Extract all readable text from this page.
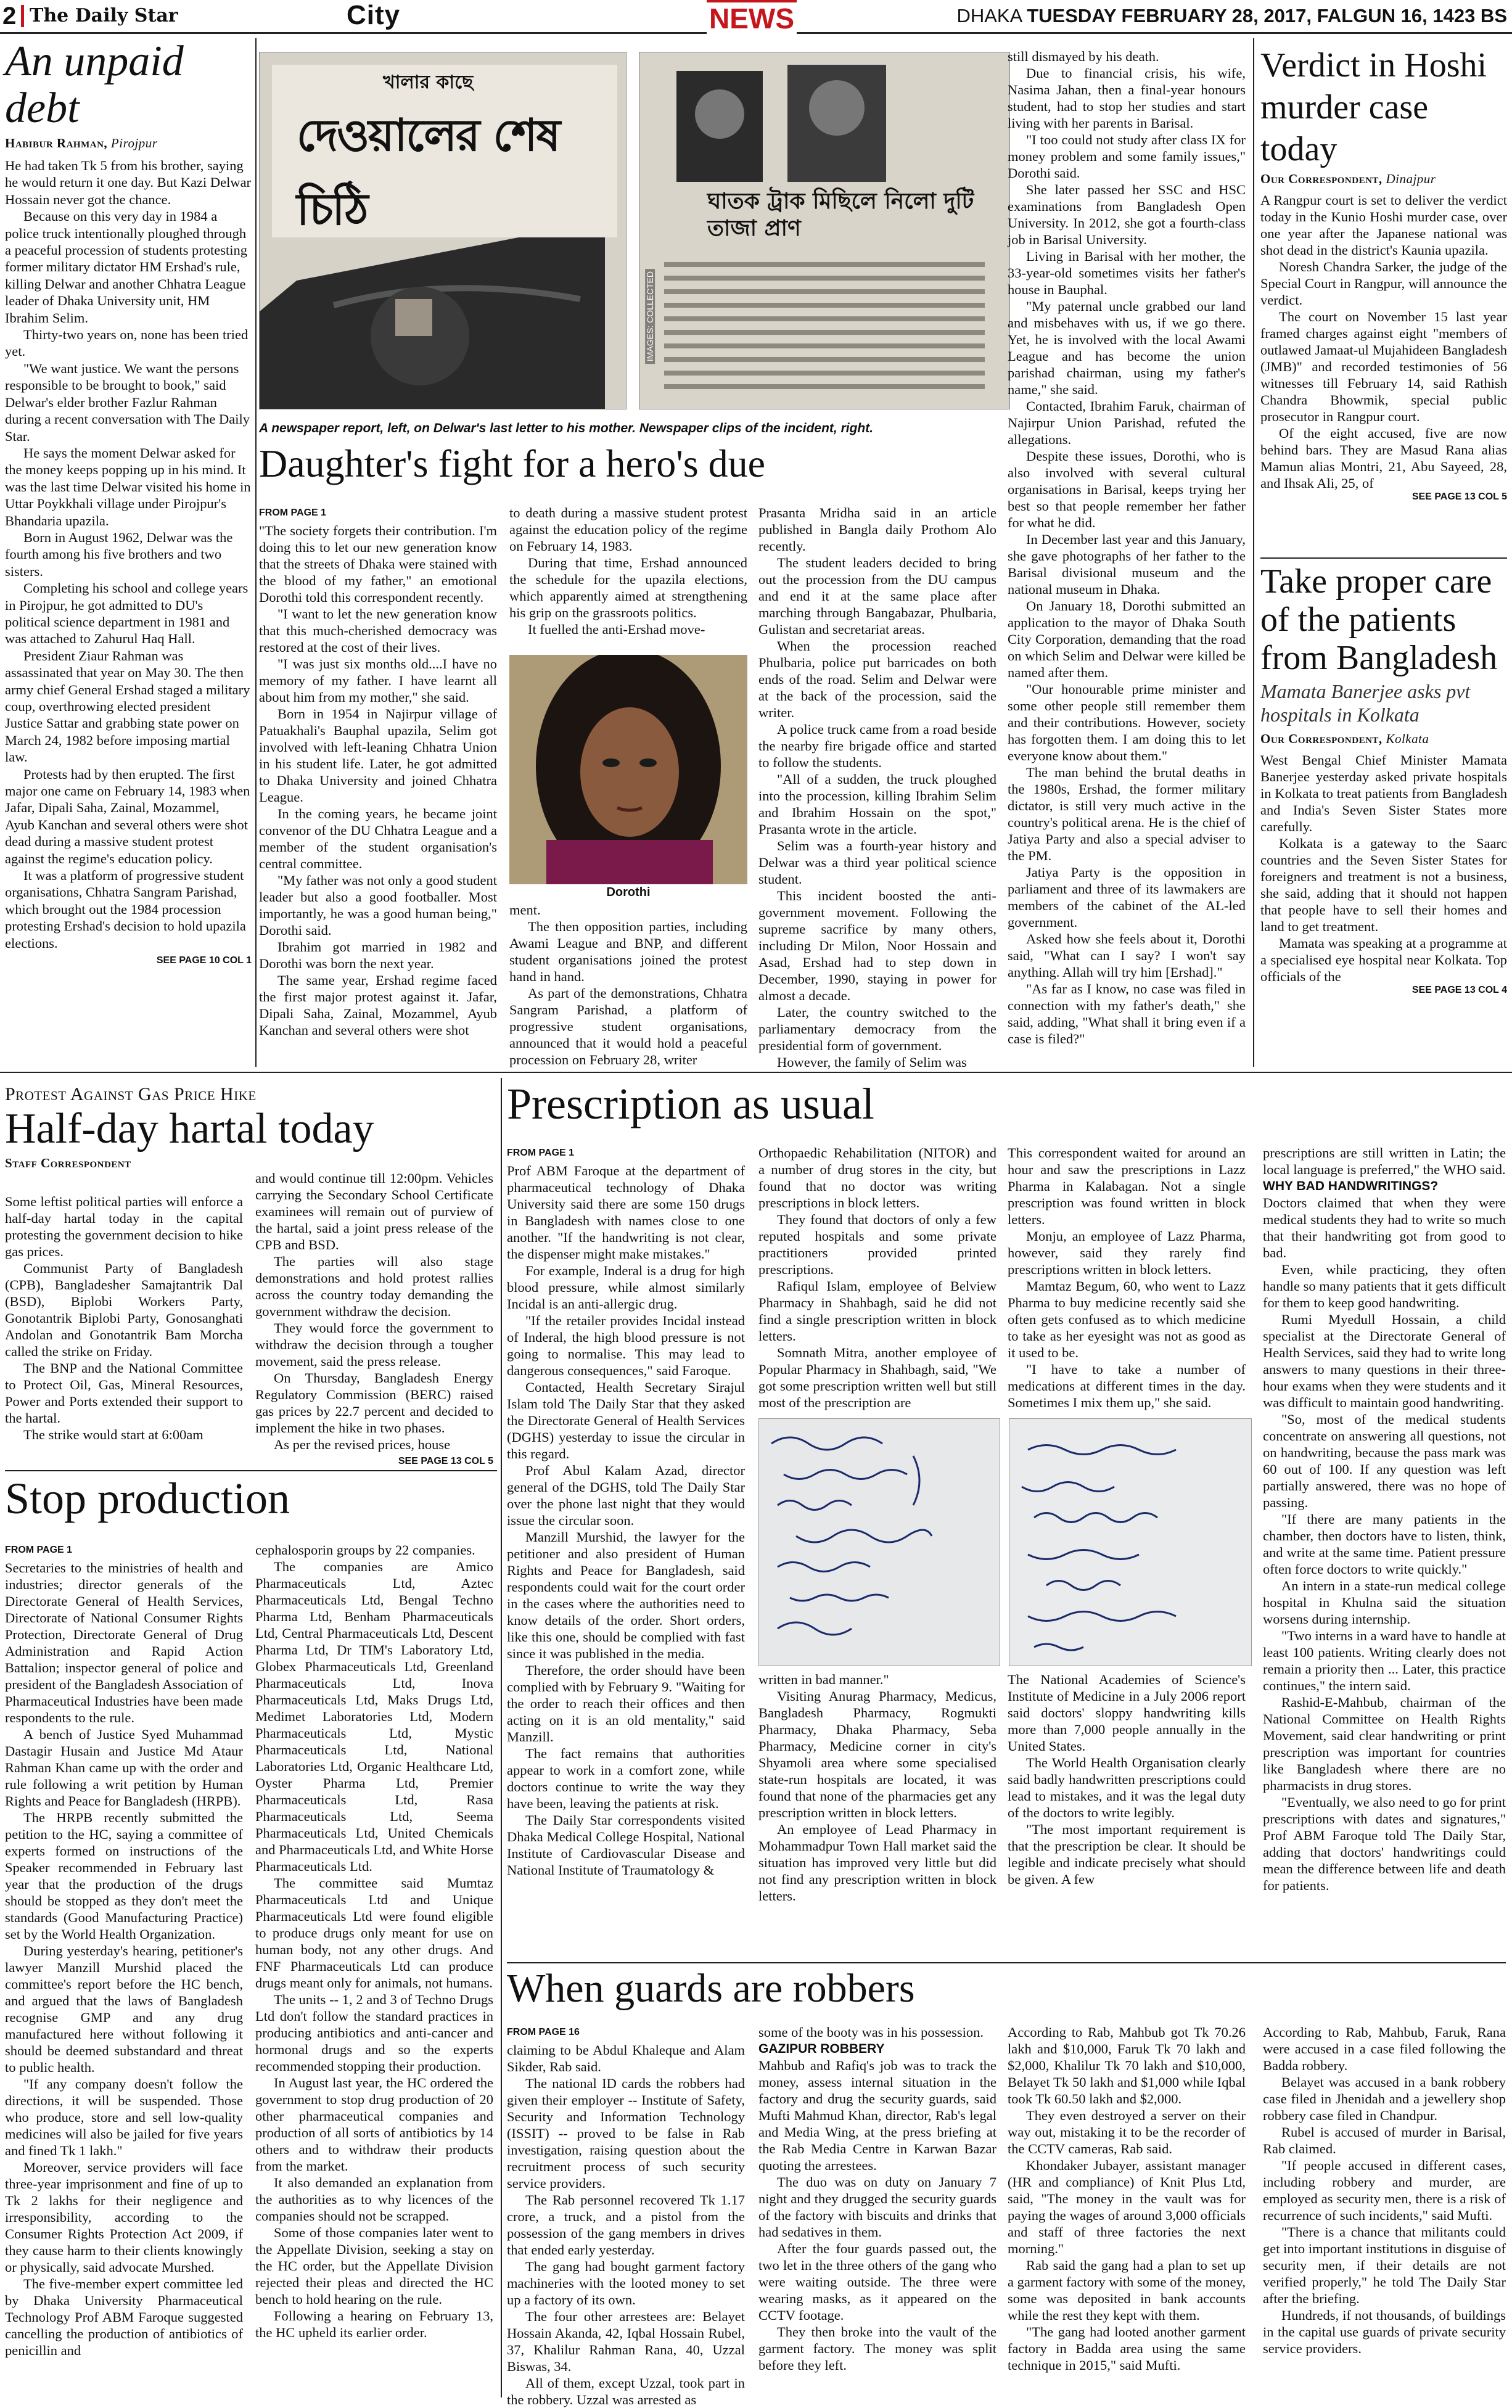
2 The Daily Star	City	NEWS	DHAKA TUESDAY FEBRUARY 28, 2017, FALGUN 16, 1423 BS
An unpaid debt
Habibur Rahman, Pirojpur

He had taken Tk 5 from his brother, saying he would return it one day. But Kazi Delwar Hossain never got the chance.

Because on this very day in 1984 a police truck intentionally ploughed through a peaceful procession of students protesting former military dictator HM Ershad's rule, killing Delwar and another Chhatra League leader of Dhaka University unit, HM Ibrahim Selim.

Thirty-two years on, none has been tried yet.

"We want justice. We want the persons responsible to be brought to book," said Delwar's elder brother Fazlur Rahman during a recent conversation with The Daily Star.

He says the moment Delwar asked for the money keeps popping up in his mind. It was the last time Delwar visited his home in Uttar Poykkhali village under Pirojpur's Bhandaria upazila.

Born in August 1962, Delwar was the fourth among his five brothers and two sisters.

Completing his school and college years in Pirojpur, he got admitted to DU's political science department in 1981 and was attached to Zahurul Haq Hall.

President Ziaur Rahman was assassinated that year on May 30. The then army chief General Ershad staged a military coup, overthrowing elected president Justice Sattar and grabbing state power on March 24, 1982 before imposing martial law.

Protests had by then erupted. The first major one came on February 14, 1983 when Jafar, Dipali Saha, Zainal, Mozammel, Ayub Kanchan and several others were shot dead during a massive student protest against the regime's education policy.

It was a platform of progressive student organisations, Chhatra Sangram Parishad, which brought out the 1984 procession protesting Ershad's decision to hold upazila elections.

SEE PAGE 10 COL 1
খালার কাছে
দেওয়ালের শেষ চিঠি	ঘাতক ট্রাক মিছিলে নিলো দুটি তাজা প্রাণ
IMAGES: COLLECTED
A newspaper report, left, on Delwar's last letter to his mother. Newspaper clips of the incident, right.
Daughter's fight for a hero's due
FROM PAGE 1

"The society forgets their contribution. I'm doing this to let our new generation know that the streets of Dhaka were stained with the blood of my father," an emotional Dorothi told this correspondent recently.

"I want to let the new generation know that this much-cherished democracy was restored at the cost of their lives.

"I was just six months old....I have no memory of my father. I have learnt all about him from my mother," she said.

Born in 1954 in Najirpur village of Patuakhali's Bauphal upazila, Selim got involved with left-leaning Chhatra Union in his student life. Later, he got admitted to Dhaka University and joined Chhatra League.

In the coming years, he became joint convenor of the DU Chhatra League and a member of the student organisation's central committee.

"My father was not only a good student leader but also a good footballer. Most importantly, he was a good human being," Dorothi said.

Ibrahim got married in 1982 and Dorothi was born the next year.

The same year, Ershad regime faced the first major protest against it. Jafar, Dipali Saha, Zainal, Mozammel, Ayub Kanchan and several others were shot

to death during a massive student protest against the education policy of the regime on February 14, 1983.

During that time, Ershad announced the schedule for the upazila elections, which apparently aimed at strengthening his grip on the grassroots politics.

It fuelled the anti-Ershad move-

Dorothi

ment.

The then opposition parties, including Awami League and BNP, and different student organisations joined the protest hand in hand.

As part of the demonstrations, Chhatra Sangram Parishad, a platform of progressive student organisations, announced that it would hold a peaceful procession on February 28, writer

Prasanta Mridha said in an article published in Bangla daily Prothom Alo recently.

The student leaders decided to bring out the procession from the DU campus and end it at the same place after marching through Bangabazar, Phulbaria, Gulistan and secretariat areas.

When the procession reached Phulbaria, police put barricades on both ends of the road. Selim and Delwar were at the back of the procession, said the writer.

A police truck came from a road beside the nearby fire brigade office and started to follow the students.

"All of a sudden, the truck ploughed into the procession, killing Ibrahim Selim and Ibrahim Hossain on the spot," Prasanta wrote in the article.

Selim was a fourth-year history and Delwar was a third year political science student.

This incident boosted the anti-government movement. Following the supreme sacrifice by many others, including Dr Milon, Noor Hossain and Asad, Ershad had to step down in December, 1990, staying in power for almost a decade.

Later, the country switched to the parliamentary democracy from the presidential form of government.

However, the family of Selim was

still dismayed by his death.

Due to financial crisis, his wife, Nasima Jahan, then a final-year honours student, had to stop her studies and start living with her parents in Barisal.

"I too could not study after class IX for money problem and some family issues," Dorothi said.

She later passed her SSC and HSC examinations from Bangladesh Open University. In 2012, she got a fourth-class job in Barisal University.

Living in Barisal with her mother, the 33-year-old sometimes visits her father's house in Bauphal.

"My paternal uncle grabbed our land and misbehaves with us, if we go there. Yet, he is involved with the local Awami League and has become the union parishad chairman, using my father's name," she said.

Contacted, Ibrahim Faruk, chairman of Najirpur Union Parishad, refuted the allegations.

Despite these issues, Dorothi, who is also involved with several cultural organisations in Barisal, keeps trying her best so that people remember her father for what he did.

In December last year and this January, she gave photographs of her father to the Barisal divisional museum and the national museum in Dhaka.

On January 18, Dorothi submitted an application to the mayor of Dhaka South City Corporation, demanding that the road on which Selim and Delwar were killed be named after them.

"Our honourable prime minister and some other people still remember them and their contributions. However, society has forgotten them. I am doing this to let everyone know about them."

The man behind the brutal deaths in the 1980s, Ershad, the former military dictator, is still very much active in the country's political arena. He is the chief of Jatiya Party and also a special adviser to the PM.

Jatiya Party is the opposition in parliament and three of its lawmakers are members of the cabinet of the AL-led government.

Asked how she feels about it, Dorothi said, "What can I say? I won't say anything. Allah will try him [Ershad]."

"As far as I know, no case was filed in connection with my father's death," she said, adding, "What shall it bring even if a case is filed?"

Verdict in Hoshi murder case today
Our Correspondent, Dinajpur

A Rangpur court is set to deliver the verdict today in the Kunio Hoshi murder case, over one year after the Japanese national was shot dead in the district's Kaunia upazila.

Noresh Chandra Sarker, the judge of the Special Court in Rangpur, will announce the verdict.

The court on November 15 last year framed charges against eight "members of outlawed Jamaat-ul Mujahideen Bangladesh (JMB)" and recorded testimonies of 56 witnesses till February 14, said Rathish Chandra Bhowmik, special public prosecutor in Rangpur court.

Of the eight accused, five are now behind bars. They are Masud Rana alias Mamun alias Montri, 21, Abu Sayeed, 28, and Ihsak Ali, 25, of

SEE PAGE 13 COL 5
Take proper care of the patients from Bangladesh
Mamata Banerjee asks pvt hospitals in Kolkata
Our Correspondent, Kolkata

West Bengal Chief Minister Mamata Banerjee yesterday asked private hospitals in Kolkata to treat patients from Bangladesh and India's Seven Sister States more carefully.

Kolkata is a gateway to the Saarc countries and the Seven Sister States for foreigners and treatment is not a business, she said, adding that it should not happen that people have to sell their homes and land to get treatment.

Mamata was speaking at a programme at a specialised eye hospital near Kolkata. Top officials of the

SEE PAGE 13 COL 4
Protest Against Gas Price Hike
Half-day hartal today
Staff Correspondent

Some leftist political parties will enforce a half-day hartal today in the capital protesting the government decision to hike gas prices.

Communist Party of Bangladesh (CPB), Bangladesher Samajtantrik Dal (BSD), Biplobi Workers Party, Gonotantrik Biplobi Party, Gonosanghati Andolan and Gonotantrik Bam Morcha called the strike on Friday.

The BNP and the National Committee to Protect Oil, Gas, Mineral Resources, Power and Ports extended their support to the hartal.

The strike would start at 6:00am

and would continue till 12:00pm. Vehicles carrying the Secondary School Certificate examinees will remain out of purview of the hartal, said a joint press release of the CPB and BSD.

The parties will also stage demonstrations and hold protest rallies across the country today demanding the government withdraw the decision.

They would force the government to withdraw the decision through a tougher movement, said the press release.

On Thursday, Bangladesh Energy Regulatory Commission (BERC) raised gas prices by 22.7 percent and decided to implement the hike in two phases.

As per the revised prices, house

SEE PAGE 13 COL 5
Stop production
FROM PAGE 1

Secretaries to the ministries of health and industries; director generals of the Directorate General of Health Services, Directorate of National Consumer Rights Protection, Directorate General of Drug Administration and Rapid Action Battalion; inspector general of police and president of the Bangladesh Association of Pharmaceutical Industries have been made respondents to the rule.

A bench of Justice Syed Muhammad Dastagir Husain and Justice Md Ataur Rahman Khan came up with the order and rule following a writ petition by Human Rights and Peace for Bangladesh (HRPB).

The HRPB recently submitted the petition to the HC, saying a committee of experts formed on instructions of the Speaker recommended in February last year that the production of the drugs should be stopped as they don't meet the standards (Good Manufacturing Practice) set by the World Health Organization.

During yesterday's hearing, petitioner's lawyer Manzill Murshid placed the committee's report before the HC bench, and argued that the laws of Bangladesh recognise GMP and any drug manufactured here without following it should be deemed substandard and threat to public health.

"If any company doesn't follow the directions, it will be suspended. Those who produce, store and sell low-quality medicines will also be jailed for five years and fined Tk 1 lakh."

Moreover, service providers will face three-year imprisonment and fine of up to Tk 2 lakhs for their negligence and irresponsibility, according to the Consumer Rights Protection Act 2009, if they cause harm to their clients knowingly or physically, said advocate Murshed.

The five-member expert committee led by Dhaka University Pharmaceutical Technology Prof ABM Faroque suggested cancelling the production of antibiotics of penicillin and

cephalosporin groups by 22 companies.

The companies are Amico Pharmaceuticals Ltd, Aztec Pharmaceuticals Ltd, Bengal Techno Pharma Ltd, Benham Pharmaceuticals Ltd, Central Pharmaceuticals Ltd, Descent Pharma Ltd, Dr TIM's Laboratory Ltd, Globex Pharmaceuticals Ltd, Greenland Pharmaceuticals Ltd, Inova Pharmaceuticals Ltd, Maks Drugs Ltd, Medimet Laboratories Ltd, Modern Pharmaceuticals Ltd, Mystic Pharmaceuticals Ltd, National Laboratories Ltd, Organic Healthcare Ltd, Oyster Pharma Ltd, Premier Pharmaceuticals Ltd, Rasa Pharmaceuticals Ltd, Seema Pharmaceuticals Ltd, United Chemicals and Pharmaceuticals Ltd, and White Horse Pharmaceuticals Ltd.

The committee said Mumtaz Pharmaceuticals Ltd and Unique Pharmaceuticals Ltd were found eligible to produce drugs only meant for use on human body, not any other drugs. And FNF Pharmaceuticals Ltd can produce drugs meant only for animals, not humans.

The units -- 1, 2 and 3 of Techno Drugs Ltd don't follow the standard practices in producing antibiotics and anti-cancer and hormonal drugs and so the experts recommended stopping their production.

In August last year, the HC ordered the government to stop drug production of 20 other pharmaceutical companies and production of all sorts of antibiotics by 14 others and to withdraw their products from the market.

It also demanded an explanation from the authorities as to why licences of the companies should not be scrapped.

Some of those companies later went to the Appellate Division, seeking a stay on the HC order, but the Appellate Division rejected their pleas and directed the HC bench to hold hearing on the rule.

Following a hearing on February 13, the HC upheld its earlier order.

Prescription as usual
FROM PAGE 1

Prof ABM Faroque at the department of pharmaceutical technology of Dhaka University said there are some 150 drugs in Bangladesh with names close to one another. "If the handwriting is not clear, the dispenser might make mistakes."

For example, Inderal is a drug for high blood pressure, while almost similarly Incidal is an anti-allergic drug.

"If the retailer provides Incidal instead of Inderal, the high blood pressure is not going to normalise. This may lead to dangerous consequences," said Faroque.

Contacted, Health Secretary Sirajul Islam told The Daily Star that they asked the Directorate General of Health Services (DGHS) yesterday to issue the circular in this regard.

Prof Abul Kalam Azad, director general of the DGHS, told The Daily Star over the phone last night that they would issue the circular soon.

Manzill Murshid, the lawyer for the petitioner and also president of Human Rights and Peace for Bangladesh, said respondents could wait for the court order in the cases where the authorities need to know details of the order. Short orders, like this one, should be complied with fast since it was published in the media.

Therefore, the order should have been complied with by February 9. "Waiting for the order to reach their offices and then acting on it is an old mentality," said Manzill.

The fact remains that authorities appear to work in a comfort zone, while doctors continue to write the way they have been, leaving the patients at risk.

The Daily Star correspondents visited Dhaka Medical College Hospital, National Institute of Cardiovascular Disease and National Institute of Traumatology &

Orthopaedic Rehabilitation (NITOR) and a number of drug stores in the city, but found that no doctor was writing prescriptions in block letters.

They found that doctors of only a few reputed hospitals and some private practitioners provided printed prescriptions.

Rafiqul Islam, employee of Belview Pharmacy in Shahbagh, said he did not find a single prescription written in block letters.

Somnath Mitra, another employee of Popular Pharmacy in Shahbagh, said, "We got some prescription written well but still most of the prescription are

This correspondent waited for around an hour and saw the prescriptions in Lazz Pharma in Kalabagan. Not a single prescription was found written in block letters.

Monju, an employee of Lazz Pharma, however, said they rarely find prescriptions written in block letters.

Mamtaz Begum, 60, who went to Lazz Pharma to buy medicine recently said she often gets confused as to which medicine to take as her eyesight was not as good as it used to be.

"I have to take a number of medications at different times in the day. Sometimes I mix them up," she said.

written in bad manner."

Visiting Anurag Pharmacy, Medicus, Bangladesh Pharmacy, Rogmukti Pharmacy, Dhaka Pharmacy, Seba Pharmacy, Medicine corner in city's Shyamoli area where some specialised state-run hospitals are located, it was found that none of the pharmacies get any prescription written in block letters.

An employee of Lead Pharmacy in Mohammadpur Town Hall market said the situation has improved very little but did not find any prescription written in block letters.

The National Academies of Science's Institute of Medicine in a July 2006 report said doctors' sloppy handwriting kills more than 7,000 people annually in the United States.

The World Health Organisation clearly said badly handwritten prescriptions could lead to mistakes, and it was the legal duty of the doctors to write legibly.

"The most important requirement is that the prescription be clear. It should be legible and indicate precisely what should be given. A few

prescriptions are still written in Latin; the local language is preferred," the WHO said.

WHY BAD HANDWRITINGS?

Doctors claimed that when they were medical students they had to write so much that their handwriting got from good to bad.

Even, while practicing, they often handle so many patients that it gets difficult for them to keep good handwriting.

Rumi Myedull Hossain, a child specialist at the Directorate General of Health Services, said they had to write long answers to many questions in their three-hour exams when they were students and it was difficult to maintain good handwriting.

"So, most of the medical students concentrate on answering all questions, not on handwriting, because the pass mark was 60 out of 100. If any question was left partially answered, there was no hope of passing.

"If there are many patients in the chamber, then doctors have to listen, think, and write at the same time. Patient pressure often force doctors to write quickly."

An intern in a state-run medical college hospital in Khulna said the situation worsens during internship.

"Two interns in a ward have to handle at least 100 patients. Writing clearly does not remain a priority then ... Later, this practice continues," the intern said.

Rashid-E-Mahbub, chairman of the National Committee on Health Rights Movement, said clear handwriting or print prescription was important for countries like Bangladesh where there are no pharmacists in drug stores.

"Eventually, we also need to go for print prescriptions with dates and signatures," Prof ABM Faroque told The Daily Star, adding that doctors' handwritings could mean the difference between life and death for patients.

When guards are robbers
FROM PAGE 16

claiming to be Abdul Khaleque and Alam Sikder, Rab said.

The national ID cards the robbers had given their employer -- Institute of Safety, Security and Information Technology (ISSIT) -- proved to be false in Rab investigation, raising question about the recruitment process of such security service providers.

The Rab personnel recovered Tk 1.17 crore, a truck, and a pistol from the possession of the gang members in drives that ended early yesterday.

The gang had bought garment factory machineries with the looted money to set up a factory of its own.

The four other arrestees are: Belayet Hossain Akanda, 42, Iqbal Hossain Rubel, 37, Khalilur Rahman Rana, 40, Uzzal Biswas, 34.

All of them, except Uzzal, took part in the robbery. Uzzal was arrested as

some of the booty was in his possession.

GAZIPUR ROBBERY

Mahbub and Rafiq's job was to track the money, assess internal situation in the factory and drug the security guards, said Mufti Mahmud Khan, director, Rab's legal and Media Wing, at the press briefing at the Rab Media Centre in Karwan Bazar quoting the arrestees.

The duo was on duty on January 7 night and they drugged the security guards of the factory with biscuits and drinks that had sedatives in them.

After the four guards passed out, the two let in the three others of the gang who were waiting outside. The three were wearing masks, as it appeared on the CCTV footage.

They then broke into the vault of the garment factory. The money was split before they left.

According to Rab, Mahbub got Tk 70.26 lakh and $10,000, Faruk Tk 70 lakh and $2,000, Khalilur Tk 70 lakh and $10,000, Belayet Tk 50 lakh and $1,000 while Iqbal took Tk 60.50 lakh and $2,000.

They even destroyed a server on their way out, mistaking it to be the recorder of the CCTV cameras, Rab said.

Khondaker Jubayer, assistant manager (HR and compliance) of Knit Plus Ltd, said, "The money in the vault was for paying the wages of around 3,000 officials and staff of three factories the next morning."

Rab said the gang had a plan to set up a garment factory with some of the money, some was deposited in bank accounts while the rest they kept with them.

"The gang had looted another garment factory in Badda area using the same technique in 2015," said Mufti.

According to Rab, Mahbub, Faruk, Rana were accused in a case filed following the Badda robbery.

Belayet was accused in a bank robbery case filed in Jhenidah and a jewellery shop robbery case filed in Chandpur.

Rubel is accused of murder in Barisal, Rab claimed.

"If people accused in different cases, including robbery and murder, are employed as security men, there is a risk of recurrence of such incidents," said Mufti.

"There is a chance that militants could get into important institutions in disguise of security men, if their details are not verified properly," he told The Daily Star after the briefing.

Hundreds, if not thousands, of buildings in the capital use guards of private security service providers.
